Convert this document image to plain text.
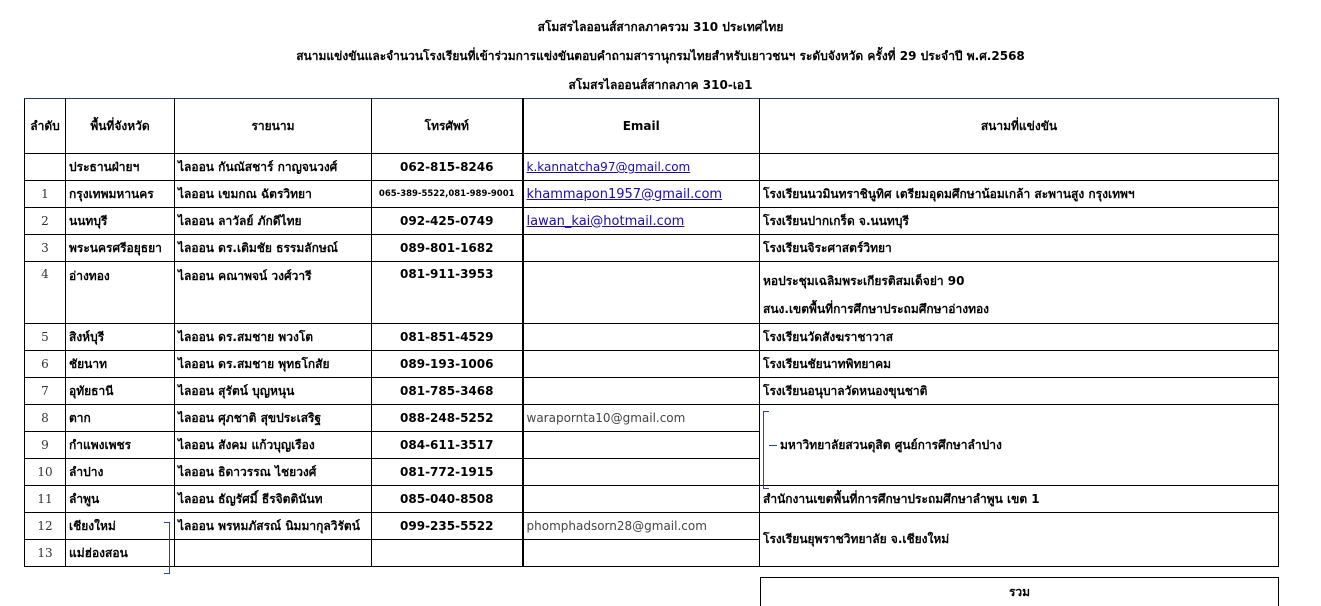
สโมสรไลออนส์สากลภาครวม 310 ประเทศไทย
สนามแข่งขันและจำนวนโรงเรียนที่เข้าร่วมการแข่งขันตอบคำถามสารานุกรมไทยสำหรับเยาวชนฯ ระดับจังหวัด ครั้งที่ 29 ประจำปี พ.ศ.2568
สโมสรไลออนส์สากลภาค 310-เอ1
ลำดับ	พื้นที่จังหวัด	รายนาม	โทรศัพท์	Email	สนามที่แข่งขัน
	ประธานฝ่ายฯ	ไลออน กันณัสชาร์ กาญจนวงศ์	062-815-8246	k.kannatcha97@gmail.com	
1	กรุงเทพมหานคร	ไลออน เขมกณ ฉัตรวิทยา	065-389-5522,081-989-9001	khammapon1957@gmail.com	โรงเรียนนวมินทราชินูทิศ เตรียมอุดมศึกษาน้อมเกล้า สะพานสูง กรุงเทพฯ
2	นนทบุรี	ไลออน ลาวัลย์ ภักดีไทย	092-425-0749	lawan_kai@hotmail.com	โรงเรียนปากเกร็ด จ.นนทบุรี
3	พระนครศรีอยุธยา	ไลออน ดร.เติมชัย ธรรมลักษณ์	089-801-1682		โรงเรียนจิระศาสตร์วิทยา
4	อ่างทอง	ไลออน คณาพจน์ วงศ์วารี	081-911-3953		หอประชุมเฉลิมพระเกียรติสมเด็จย่า 90
สนง.เขตพื้นที่การศึกษาประถมศึกษาอ่างทอง
5	สิงห์บุรี	ไลออน ดร.สมชาย พวงโต	081-851-4529		โรงเรียนวัดสังฆราชาวาส
6	ชัยนาท	ไลออน ดร.สมชาย พุทธโกสัย	089-193-1006		โรงเรียนชัยนาทพิทยาคม
7	อุทัยธานี	ไลออน สุรัตน์ บุญหนุน	081-785-3468		โรงเรียนอนุบาลวัดหนองขุนชาติ
8	ตาก	ไลออน ศุภชาติ สุขประเสริฐ	088-248-5252	warapornta10@gmail.com	มหาวิทยาลัยสวนดุสิต ศูนย์การศึกษาลำปาง
9	กำแพงเพชร	ไลออน สังคม แก้วบุญเรือง	084-611-3517		
10	ลำปาง	ไลออน ธิดาวรรณ ไชยวงศ์	081-772-1915		
11	ลำพูน	ไลออน ธัญรัศมิ์ ธีรจิตตินันท	085-040-8508		สำนักงานเขตพื้นที่การศึกษาประถมศึกษาลำพูน เขต 1
12	เชียงใหม่	ไลออน พรหมภัสรณ์ นิมมากุลวิรัตน์	099-235-5522	phomphadsorn28@gmail.com	โรงเรียนยุพราชวิทยาลัย จ.เชียงใหม่
13	แม่ฮ่องสอน				
รวม
